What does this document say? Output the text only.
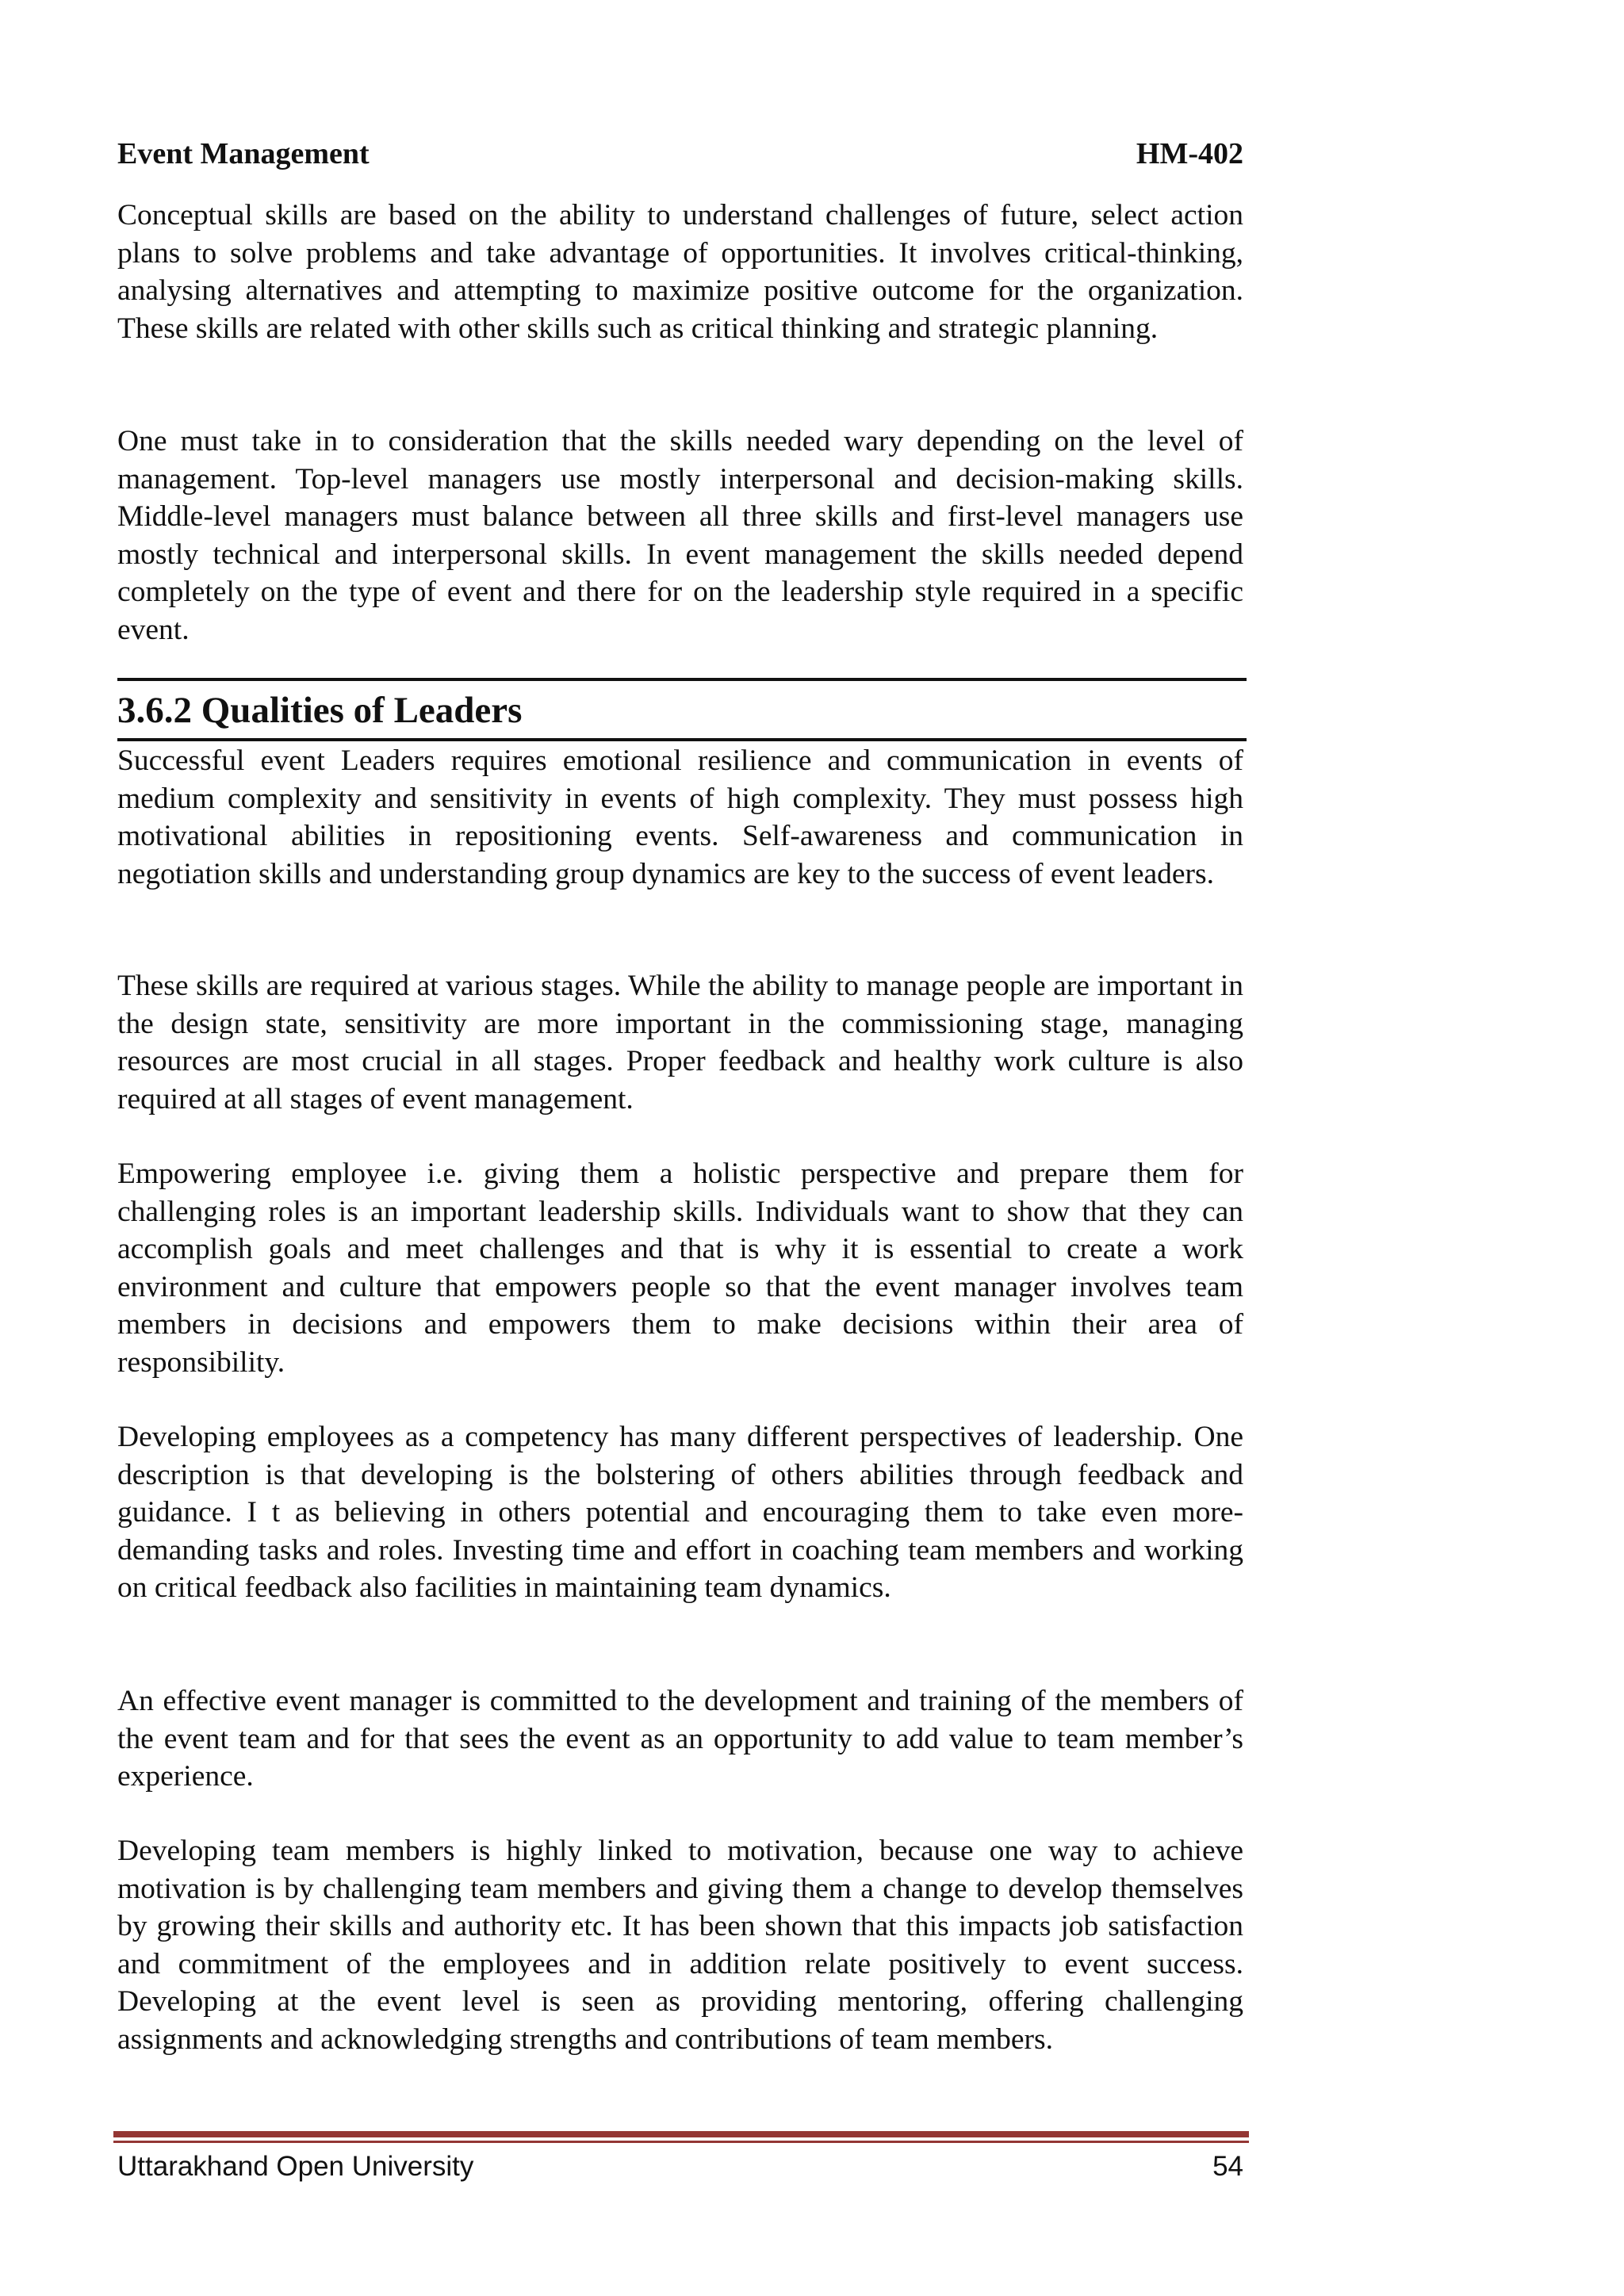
Event Management	HM-402

Conceptual skills are based on the ability to understand challenges of future, select action plans to solve problems and take advantage of opportunities. It involves critical-thinking, analysing alternatives and attempting to maximize positive outcome for the organization. These skills are related with other skills such as critical thinking and strategic planning.

One must take in to consideration that the skills needed wary depending on the level of management. Top-level managers use mostly interpersonal and decision-making skills. Middle-level managers must balance between all three skills and first-level managers use mostly technical and interpersonal skills. In event management the skills needed depend completely on the type of event and there for on the leadership style required in a specific event.

3.6.2 Qualities of Leaders

Successful event Leaders requires emotional resilience and communication in events of medium complexity and sensitivity in events of high complexity. They must possess high motivational abilities in repositioning events. Self-awareness and communication in negotiation skills and understanding group dynamics are key to the success of event leaders.

These skills are required at various stages. While the ability to manage people are important in the design state, sensitivity are more important in the commissioning stage, managing resources are most crucial in all stages. Proper feedback and healthy work culture is also required at all stages of event management.

Empowering employee i.e. giving them a holistic perspective and prepare them for challenging roles is an important leadership skills. Individuals want to show that they can accomplish goals and meet challenges and that is why it is essential to create a work environment and culture that empowers people so that the event manager involves team members in decisions and empowers them to make decisions within their area of responsibility.

Developing employees as a competency has many different perspectives of leadership. One description is that developing is the bolstering of others abilities through feedback and guidance. I t as believing in others potential and encouraging them to take even more-demanding tasks and roles. Investing time and effort in coaching team members and working on critical feedback also facilities in maintaining team dynamics.

An effective event manager is committed to the development and training of the members of the event team and for that sees the event as an opportunity to add value to team member’s experience.

Developing team members is highly linked to motivation, because one way to achieve motivation is by challenging team members and giving them a change to develop themselves by growing their skills and authority etc. It has been shown that this impacts job satisfaction and commitment of the employees and in addition relate positively to event success. Developing at the event level is seen as providing mentoring, offering challenging assignments and acknowledging strengths and contributions of team members.

Uttarakhand Open University	54
